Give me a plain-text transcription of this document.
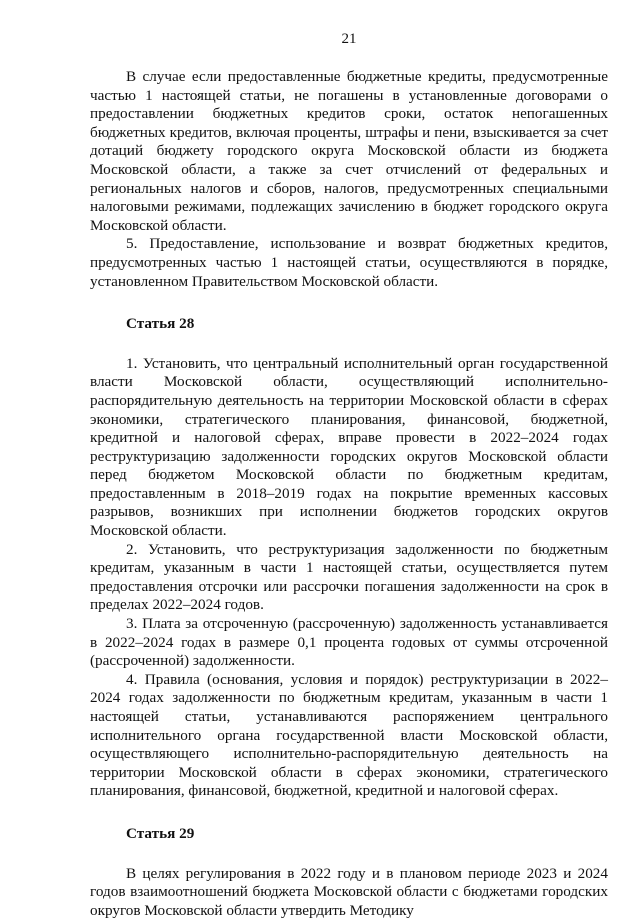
21

В случае если предоставленные бюджетные кредиты, предусмотренные частью 1 настоящей статьи, не погашены в установленные договорами о предоставлении бюджетных кредитов сроки, остаток непогашенных бюджетных кредитов, включая проценты, штрафы и пени, взыскивается за счет дотаций бюджету городского округа Московской области из бюджета Московской области, а также за счет отчислений от федеральных и региональных налогов и сборов, налогов, предусмотренных специальными налоговыми режимами, подлежащих зачислению в бюджет городского округа Московской области.

5. Предоставление, использование и возврат бюджетных кредитов, предусмотренных частью 1 настоящей статьи, осуществляются в порядке, установленном Правительством Московской области.

Статья 28

1. Установить, что центральный исполнительный орган государственной власти Московской области, осуществляющий исполнительно-распорядительную деятельность на территории Московской области в сферах экономики, стратегического планирования, финансовой, бюджетной, кредитной и налоговой сферах, вправе провести в 2022–2024 годах реструктуризацию задолженности городских округов Московской области перед бюджетом Московской области по бюджетным кредитам, предоставленным в 2018–2019 годах на покрытие временных кассовых разрывов, возникших при исполнении бюджетов городских округов Московской области.

2. Установить, что реструктуризация задолженности по бюджетным кредитам, указанным в части 1 настоящей статьи, осуществляется путем предоставления отсрочки или рассрочки погашения задолженности на срок в пределах 2022–2024 годов.

3. Плата за отсроченную (рассроченную) задолженность устанавливается в 2022–2024 годах в размере 0,1 процента годовых от суммы отсроченной (рассроченной) задолженности.

4. Правила (основания, условия и порядок) реструктуризации в 2022–2024 годах задолженности по бюджетным кредитам, указанным в части 1 настоящей статьи, устанавливаются распоряжением центрального исполнительного органа государственной власти Московской области, осуществляющего исполнительно-распорядительную деятельность на территории Московской области в сферах экономики, стратегического планирования, финансовой, бюджетной, кредитной и налоговой сферах.

Статья 29

В целях регулирования в 2022 году и в плановом периоде 2023 и 2024 годов взаимоотношений бюджета Московской области с бюджетами городских округов Московской области утвердить Методику
